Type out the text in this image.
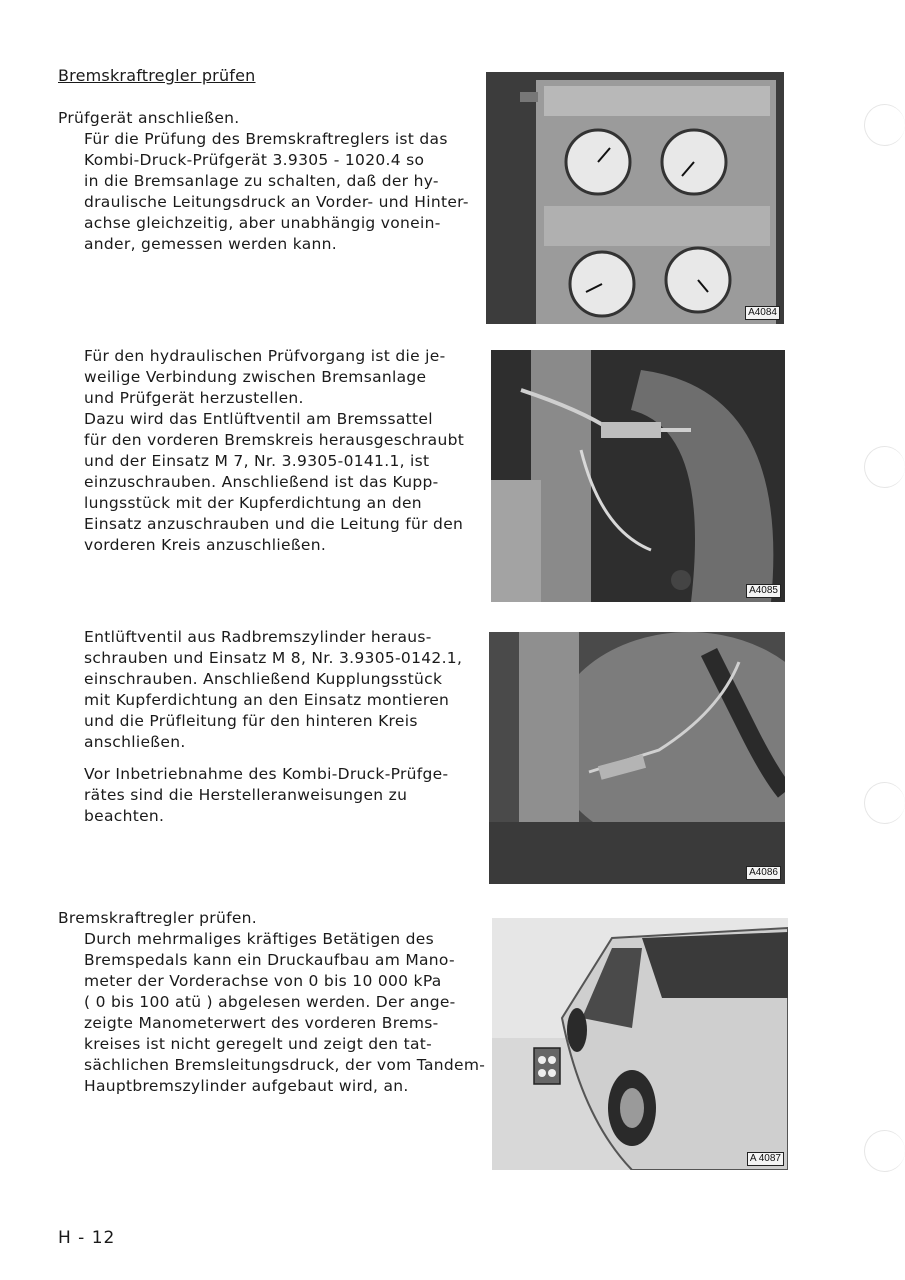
Bremskraftregler prüfen
Prüfgerät anschließen.
Für die Prüfung des Bremskraftreglers ist das
Kombi-Druck-Prüfgerät 3.9305 - 1020.4 so
in die Bremsanlage zu schalten, daß der hy-
draulische Leitungsdruck an Vorder- und Hinter-
achse gleichzeitig, aber unabhängig vonein-
ander, gemessen werden kann.
A4084
Für den hydraulischen Prüfvorgang ist die je-
weilige Verbindung zwischen Bremsanlage
und Prüfgerät herzustellen.
Dazu wird das Entlüftventil am Bremssattel
für den vorderen Bremskreis herausgeschraubt
und der Einsatz M 7, Nr. 3.9305-0141.1, ist
einzuschrauben. Anschließend ist das Kupp-
lungsstück mit der Kupferdichtung an den
Einsatz anzuschrauben und die Leitung für den
vorderen Kreis anzuschließen.
A4085
Entlüftventil aus Radbremszylinder heraus-
schrauben und Einsatz M 8, Nr. 3.9305-0142.1,
einschrauben. Anschließend Kupplungsstück
mit Kupferdichtung an den Einsatz montieren
und die Prüfleitung für den hinteren Kreis
anschließen.
Vor Inbetriebnahme des Kombi-Druck-Prüfge-
rätes sind die Herstelleranweisungen zu
beachten.
A4086
Bremskraftregler prüfen.
Durch mehrmaliges kräftiges Betätigen des
Bremspedals kann ein Druckaufbau am Mano-
meter der Vorderachse von 0 bis 10 000 kPa
( 0 bis 100 atü ) abgelesen werden. Der ange-
zeigte Manometerwert des vorderen Brems-
kreises ist nicht geregelt und zeigt den tat-
sächlichen Bremsleitungsdruck, der vom Tandem-
Hauptbremszylinder aufgebaut wird, an.
A 4087
H - 12
